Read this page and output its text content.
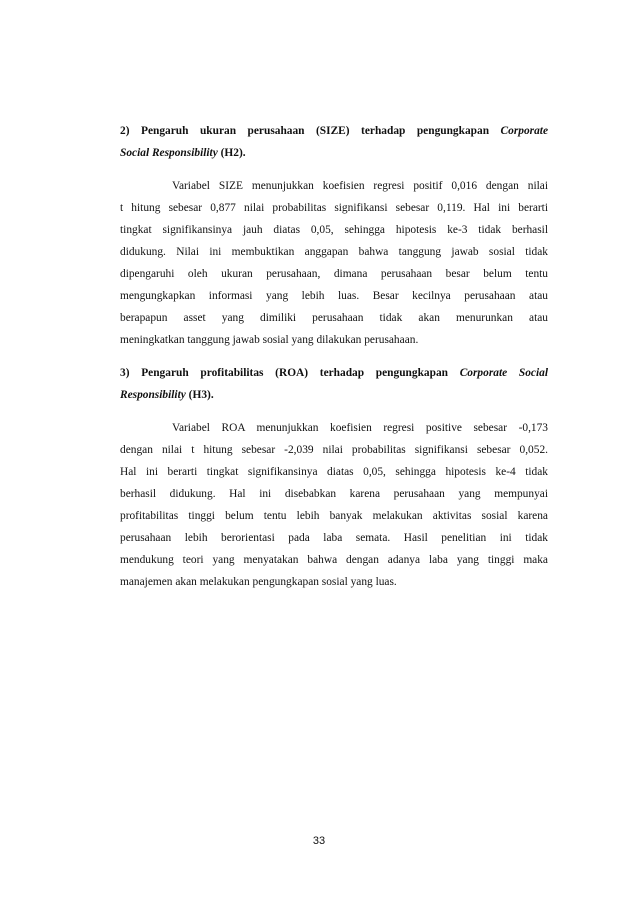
2) Pengaruh ukuran perusahaan (SIZE) terhadap pengungkapan Corporate
Social Responsibility (H2).
Variabel SIZE menunjukkan koefisien regresi positif 0,016 dengan nilai
t hitung sebesar 0,877 nilai probabilitas signifikansi sebesar 0,119. Hal ini berarti
tingkat signifikansinya jauh diatas 0,05, sehingga hipotesis ke-3 tidak berhasil
didukung. Nilai ini membuktikan anggapan bahwa tanggung jawab sosial tidak
dipengaruhi oleh ukuran perusahaan, dimana perusahaan besar belum tentu
mengungkapkan informasi yang lebih luas. Besar kecilnya perusahaan atau
berapapun asset yang dimiliki perusahaan tidak akan menurunkan atau
meningkatkan tanggung jawab sosial yang dilakukan perusahaan.
3) Pengaruh profitabilitas (ROA) terhadap pengungkapan Corporate Social
Responsibility (H3).
Variabel ROA menunjukkan koefisien regresi positive sebesar -0,173
dengan nilai t hitung sebesar -2,039 nilai probabilitas signifikansi sebesar 0,052.
Hal ini berarti tingkat signifikansinya diatas 0,05, sehingga hipotesis ke-4 tidak
berhasil didukung. Hal ini disebabkan karena perusahaan yang mempunyai
profitabilitas tinggi belum tentu lebih banyak melakukan aktivitas sosial karena
perusahaan lebih berorientasi pada laba semata. Hasil penelitian ini tidak
mendukung teori yang menyatakan bahwa dengan adanya laba yang tinggi maka
manajemen akan melakukan pengungkapan sosial yang luas.
33
